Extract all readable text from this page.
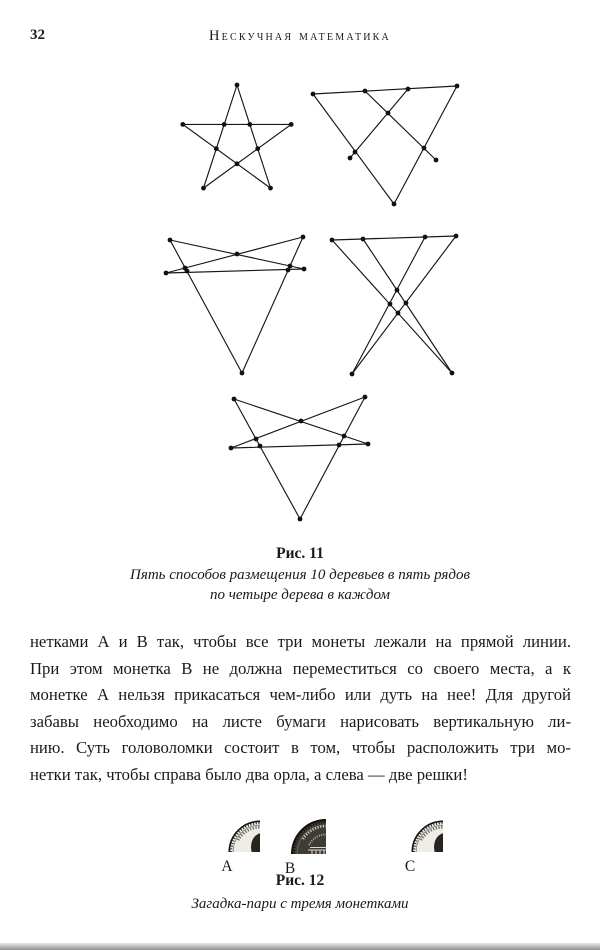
32	Нескучная математика
Рис. 11
Пять способов размещения 10 деревьев в пять рядов
по четыре дерева в каждом
нетками А и В так, чтобы все три монеты лежали на прямой линии.
При этом монетка В не должна переместиться со своего места, а к
монетке А нельзя прикасаться чем-либо или дуть на нее! Для другой
забавы необходимо на листе бумаги нарисовать вертикальную ли-
нию. Суть головоломки состоит в том, чтобы расположить три мо-
нетки так, чтобы справа было два орла, а слева — две решки!
A	B	C
Рис. 12
Загадка-пари с тремя монетками
